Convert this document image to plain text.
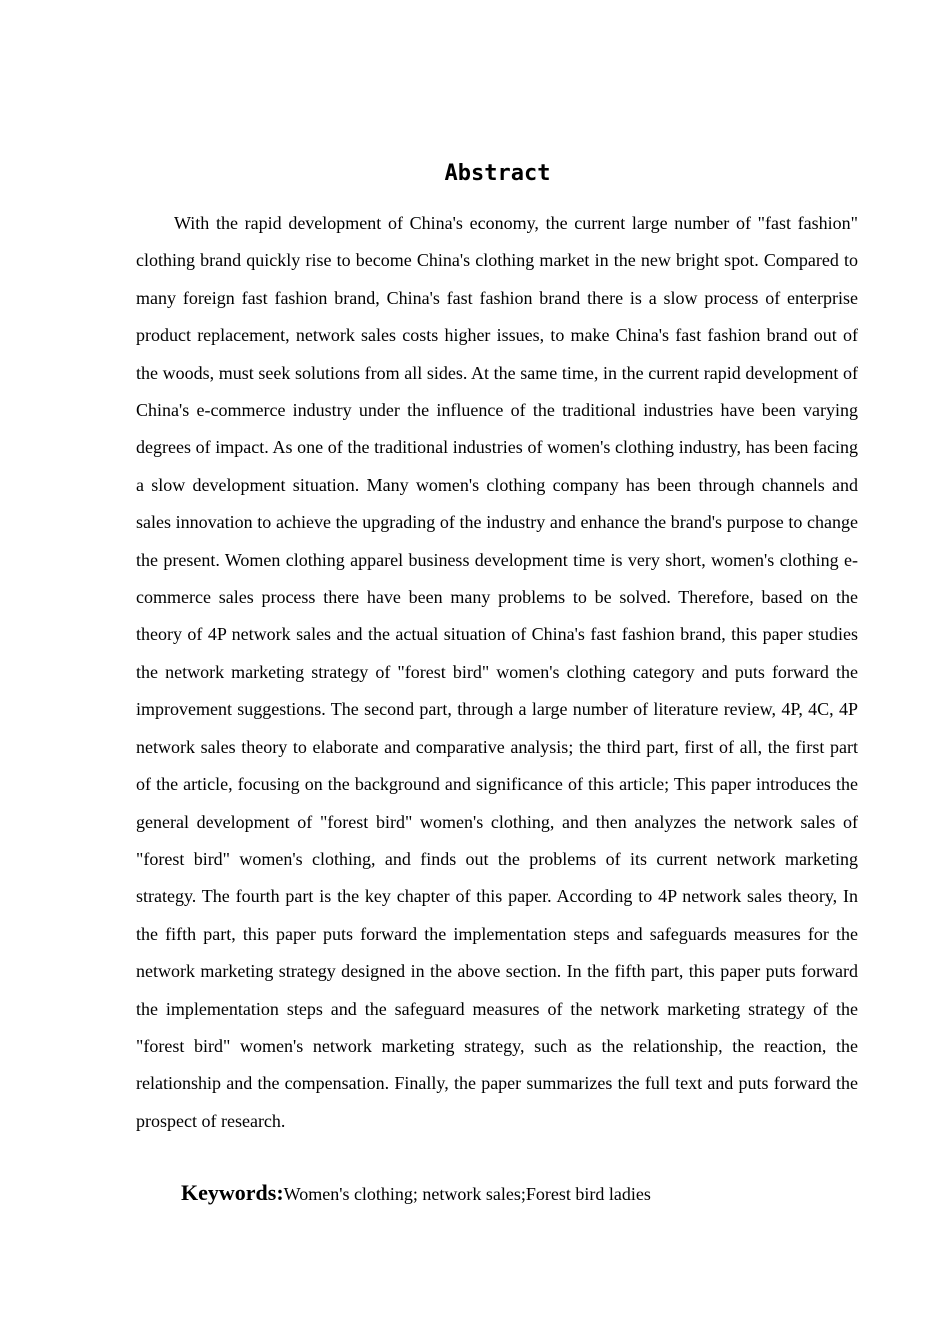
Abstract

With the rapid development of China's economy, the current large number of "fast fashion" clothing brand quickly rise to become China's clothing market in the new bright spot. Compared to many foreign fast fashion brand, China's fast fashion brand there is a slow process of enterprise product replacement, network sales costs higher issues, to make China's fast fashion brand out of the woods, must seek solutions from all sides. At the same time, in the current rapid development of China's e-commerce industry under the influence of the traditional industries have been varying degrees of impact. As one of the traditional industries of women's clothing industry, has been facing a slow development situation. Many women's clothing company has been through channels and sales innovation to achieve the upgrading of the industry and enhance the brand's purpose to change the present. Women clothing apparel business development time is very short, women's clothing e-commerce sales process there have been many problems to be solved. Therefore, based on the theory of 4P network sales and the actual situation of China's fast fashion brand, this paper studies the network marketing strategy of "forest bird" women's clothing category and puts forward the improvement suggestions. The second part, through a large number of literature review, 4P, 4C, 4P network sales theory to elaborate and comparative analysis; the third part, first of all, the first part of the article, focusing on the background and significance of this article; This paper introduces the general development of "forest bird" women's clothing, and then analyzes the network sales of "forest bird" women's clothing, and finds out the problems of its current network marketing strategy. The fourth part is the key chapter of this paper. According to 4P network sales theory, In the fifth part, this paper puts forward the implementation steps and safeguards measures for the network marketing strategy designed in the above section. In the fifth part, this paper puts forward the implementation steps and the safeguard measures of the network marketing strategy of the "forest bird" women's network marketing strategy, such as the relationship, the reaction, the relationship and the compensation. Finally, the paper summarizes the full text and puts forward the prospect of research.

Keywords:Women's clothing; network sales;Forest bird ladies
